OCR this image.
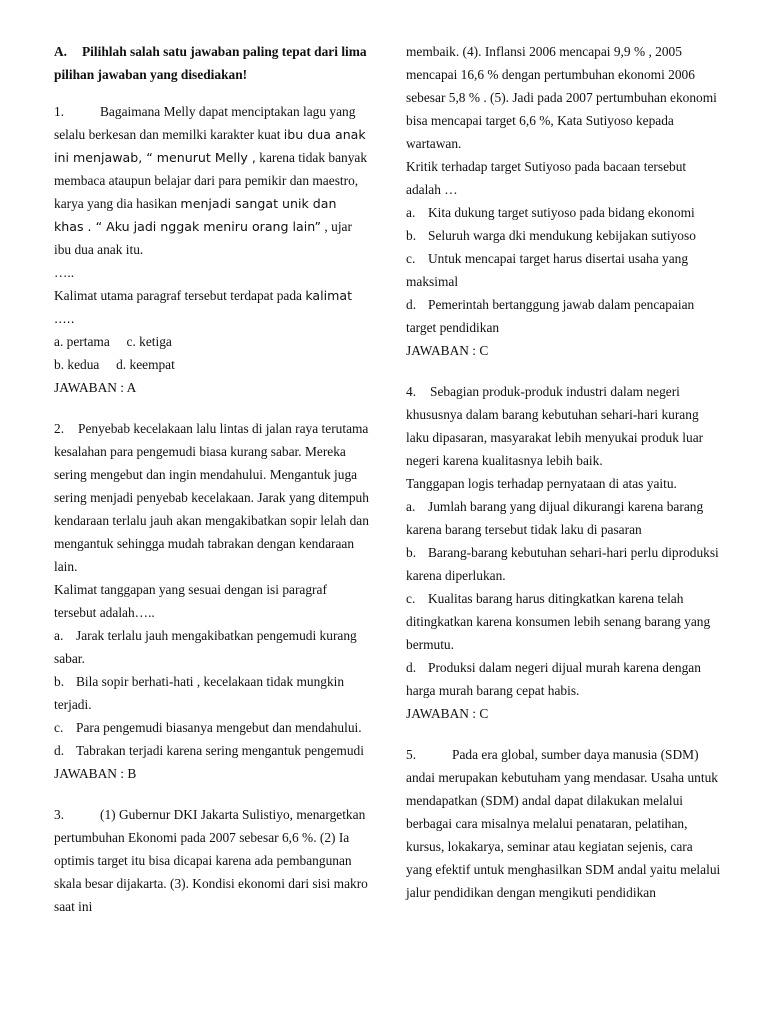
A. Pilihlah salah satu jawaban paling tepat dari lima pilihan jawaban yang disediakan!

1.	Bagaimana Melly dapat menciptakan lagu yang selalu berkesan dan memilki karakter kuat ibu dua anak ini menjawab, “ menurut Melly , karena tidak banyak membaca ataupun belajar dari para pemikir dan maestro, karya yang dia hasikan menjadi sangat unik dan khas . “ Aku jadi nggak meniru orang lain” , ujar ibu dua anak itu.

…..

Kalimat utama paragraf tersebut terdapat pada kalimat …..

a. pertama     c. ketiga

b. kedua     d. keempat

JAWABAN : A

2. Penyebab kecelakaan lalu lintas di jalan raya terutama kesalahan para pengemudi biasa kurang sabar. Mereka sering mengebut dan ingin mendahului. Mengantuk juga sering menjadi penyebab kecelakaan. Jarak yang ditempuh kendaraan terlalu jauh akan mengakibatkan sopir lelah dan mengantuk sehingga mudah tabrakan dengan kendaraan lain.

Kalimat tanggapan yang sesuai dengan isi paragraf tersebut adalah…..

a. Jarak terlalu jauh mengakibatkan pengemudi kurang sabar.

b. Bila sopir berhati-hati , kecelakaan tidak mungkin terjadi.

c. Para pengemudi biasanya mengebut dan mendahului.

d. Tabrakan terjadi karena sering mengantuk pengemudi

JAWABAN : B

3.	(1) Gubernur DKI Jakarta Sulistiyo, menargetkan pertumbuhan Ekonomi pada 2007 sebesar 6,6 %. (2) Ia optimis target itu bisa dicapai karena ada pembangunan skala besar dijakarta. (3). Kondisi ekonomi dari sisi makro saat ini

membaik. (4). Inflansi 2006 mencapai 9,9 % , 2005 mencapai 16,6 % dengan pertumbuhan ekonomi 2006 sebesar 5,8 % . (5). Jadi pada 2007 pertumbuhan ekonomi bisa mencapai target 6,6 %, Kata Sutiyoso kepada wartawan.

Kritik terhadap target Sutiyoso pada bacaan tersebut adalah …

a. Kita dukung target sutiyoso pada bidang ekonomi

b. Seluruh warga dki mendukung kebijakan sutiyoso

c. Untuk mencapai target harus disertai usaha yang maksimal

d. Pemerintah bertanggung jawab dalam pencapaian target pendidikan

JAWABAN : C

4. Sebagian produk-produk industri dalam negeri khususnya dalam barang kebutuhan sehari-hari kurang laku dipasaran, masyarakat lebih menyukai produk luar negeri karena kualitasnya lebih baik.

Tanggapan logis terhadap pernyataan di atas yaitu.

a. Jumlah barang yang dijual dikurangi karena barang karena barang tersebut tidak laku di pasaran

b. Barang-barang kebutuhan sehari-hari perlu diproduksi karena diperlukan.

c. Kualitas barang harus ditingkatkan karena telah ditingkatkan karena konsumen lebih senang barang yang bermutu.

d. Produksi dalam negeri dijual murah karena dengan harga murah barang cepat habis.

JAWABAN : C

5.	Pada era global, sumber daya manusia (SDM) andai merupakan kebutuham yang mendasar. Usaha untuk mendapatkan (SDM) andal dapat dilakukan melalui berbagai cara misalnya melalui penataran, pelatihan, kursus, lokakarya, seminar atau kegiatan sejenis, cara yang efektif untuk menghasilkan SDM andal yaitu melalui jalur pendidikan dengan mengikuti pendidikan
